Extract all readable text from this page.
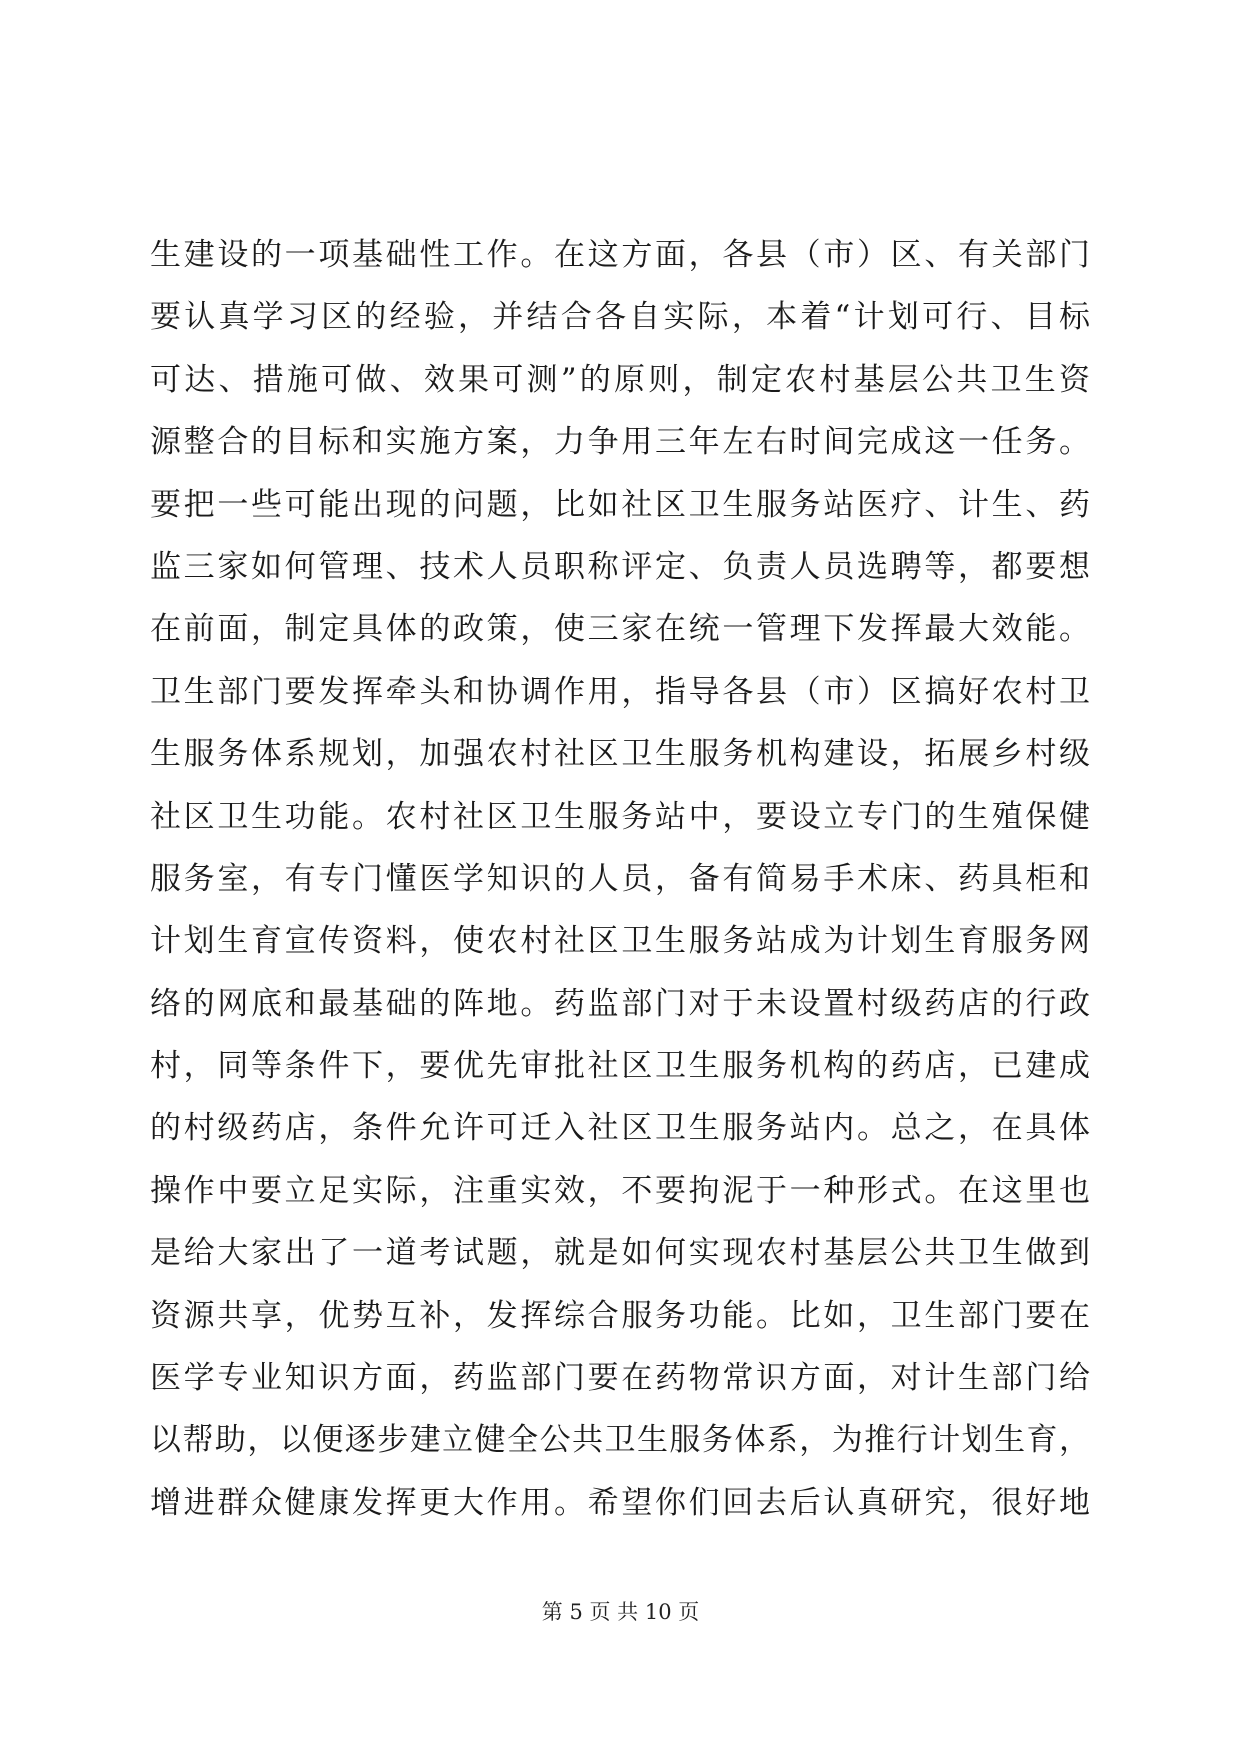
生建设的一项基础性工作。在这方面，各县（市）区、有关部门
要认真学习区的经验，并结合各自实际，本着“计划可行、目标
可达、措施可做、效果可测”的原则，制定农村基层公共卫生资
源整合的目标和实施方案，力争用三年左右时间完成这一任务。
要把一些可能出现的问题，比如社区卫生服务站医疗、计生、药
监三家如何管理、技术人员职称评定、负责人员选聘等，都要想
在前面，制定具体的政策，使三家在统一管理下发挥最大效能。
卫生部门要发挥牵头和协调作用，指导各县（市）区搞好农村卫
生服务体系规划，加强农村社区卫生服务机构建设，拓展乡村级
社区卫生功能。农村社区卫生服务站中，要设立专门的生殖保健
服务室，有专门懂医学知识的人员，备有简易手术床、药具柜和
计划生育宣传资料，使农村社区卫生服务站成为计划生育服务网
络的网底和最基础的阵地。药监部门对于未设置村级药店的行政
村，同等条件下，要优先审批社区卫生服务机构的药店，已建成
的村级药店，条件允许可迁入社区卫生服务站内。总之，在具体
操作中要立足实际，注重实效，不要拘泥于一种形式。在这里也
是给大家出了一道考试题，就是如何实现农村基层公共卫生做到
资源共享，优势互补，发挥综合服务功能。比如，卫生部门要在
医学专业知识方面，药监部门要在药物常识方面，对计生部门给
以帮助，以便逐步建立健全公共卫生服务体系，为推行计划生育，
增进群众健康发挥更大作用。希望你们回去后认真研究，很好地
第 5 页 共 10 页
